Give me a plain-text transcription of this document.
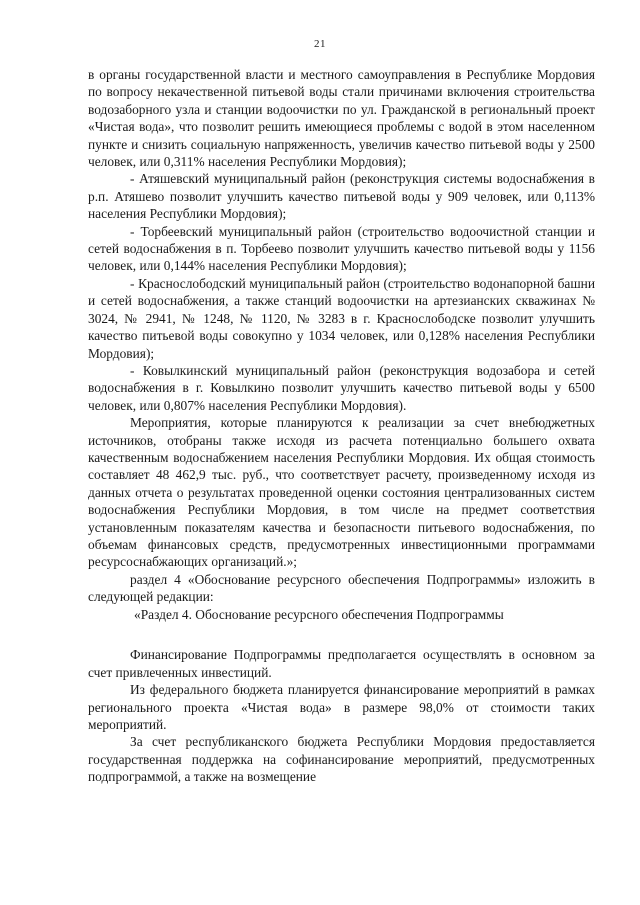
21

в органы государственной власти и местного самоуправления в Республике Мордовия по вопросу некачественной питьевой воды стали причинами включения строительства водозаборного узла и станции водоочистки по ул. Гражданской в региональный проект «Чистая вода», что позволит решить имеющиеся проблемы с водой в этом населенном пункте и снизить социальную напряженность, увеличив качество питьевой воды у 2500 человек, или 0,311% населения Республики Мордовия);

- Атяшевский муниципальный район (реконструкция системы водоснабжения в р.п. Атяшево позволит улучшить качество питьевой воды у 909 человек, или 0,113% населения Республики Мордовия);

- Торбеевский муниципальный район (строительство водоочистной станции и сетей водоснабжения в п. Торбеево позволит улучшить качество питьевой воды у 1156 человек, или 0,144% населения Республики Мордовия);

- Краснослободский муниципальный район (строительство водонапорной башни и сетей водоснабжения, а также станций водоочистки на артезианских скважинах № 3024, № 2941, № 1248, № 1120, № 3283 в г. Краснослободске позволит улучшить качество питьевой воды совокупно у 1034 человек, или 0,128% населения Республики Мордовия);

- Ковылкинский муниципальный район (реконструкция водозабора и сетей водоснабжения в г. Ковылкино позволит улучшить качество питьевой воды у 6500 человек, или 0,807% населения Республики Мордовия).

Мероприятия, которые планируются к реализации за счет внебюджетных источников, отобраны также исходя из расчета потенциально большего охвата качественным водоснабжением населения Республики Мордовия. Их общая стоимость составляет 48 462,9 тыс. руб., что соответствует расчету, произведенному исходя из данных отчета о результатах проведенной оценки состояния централизованных систем водоснабжения Республики Мордовия, в том числе на предмет соответствия установленным показателям качества и безопасности питьевого водоснабжения, по объемам финансовых средств, предусмотренных инвестиционными программами ресурсоснабжающих организаций.»;

раздел 4 «Обоснование ресурсного обеспечения Подпрограммы» изложить в следующей редакции:

«Раздел 4. Обоснование ресурсного обеспечения Подпрограммы

Финансирование Подпрограммы предполагается осуществлять в основном за счет привлеченных инвестиций.

Из федерального бюджета планируется финансирование мероприятий в рамках регионального проекта «Чистая вода» в размере 98,0% от стоимости таких мероприятий.

За счет республиканского бюджета Республики Мордовия предоставляется государственная поддержка на софинансирование мероприятий, предусмотренных подпрограммой, а также на возмещение
